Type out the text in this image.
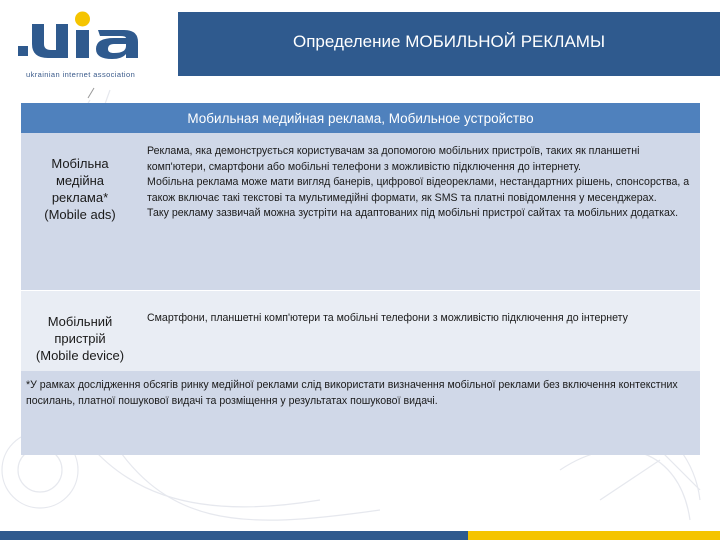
ukrainian internet association
Определение МОБИЛЬНОЙ РЕКЛАМЫ
Мобильная медийная реклама, Мобильное устройство
Мобільна
медійна
реклама*
(Mobile ads)
Реклама, яка демонструється користувачам за допомогою мобільних пристроїв, таких як планшетні комп'ютери, смартфони або мобільні телефони з можливістю підключення до інтернету.
Мобільна реклама може мати вигляд банерів, цифрової відеореклами, нестандартних рішень, спонсорства, а також включає такі текстові та мультимедійні формати, як SMS та платні повідомлення у месенджерах.
Таку рекламу зазвичай можна зустріти на адаптованих під мобільні пристрої сайтах та мобільних додатках.
Мобільний
пристрій
(Mobile device)
Смартфони, планшетні комп'ютери та мобільні телефони з можливістю підключення до інтернету
*У рамках дослідження обсягів ринку медійної реклами слід використати визначення мобільної реклами без включення контекстних посилань, платної пошукової видачі та розміщення у результатах пошукової видачі.
